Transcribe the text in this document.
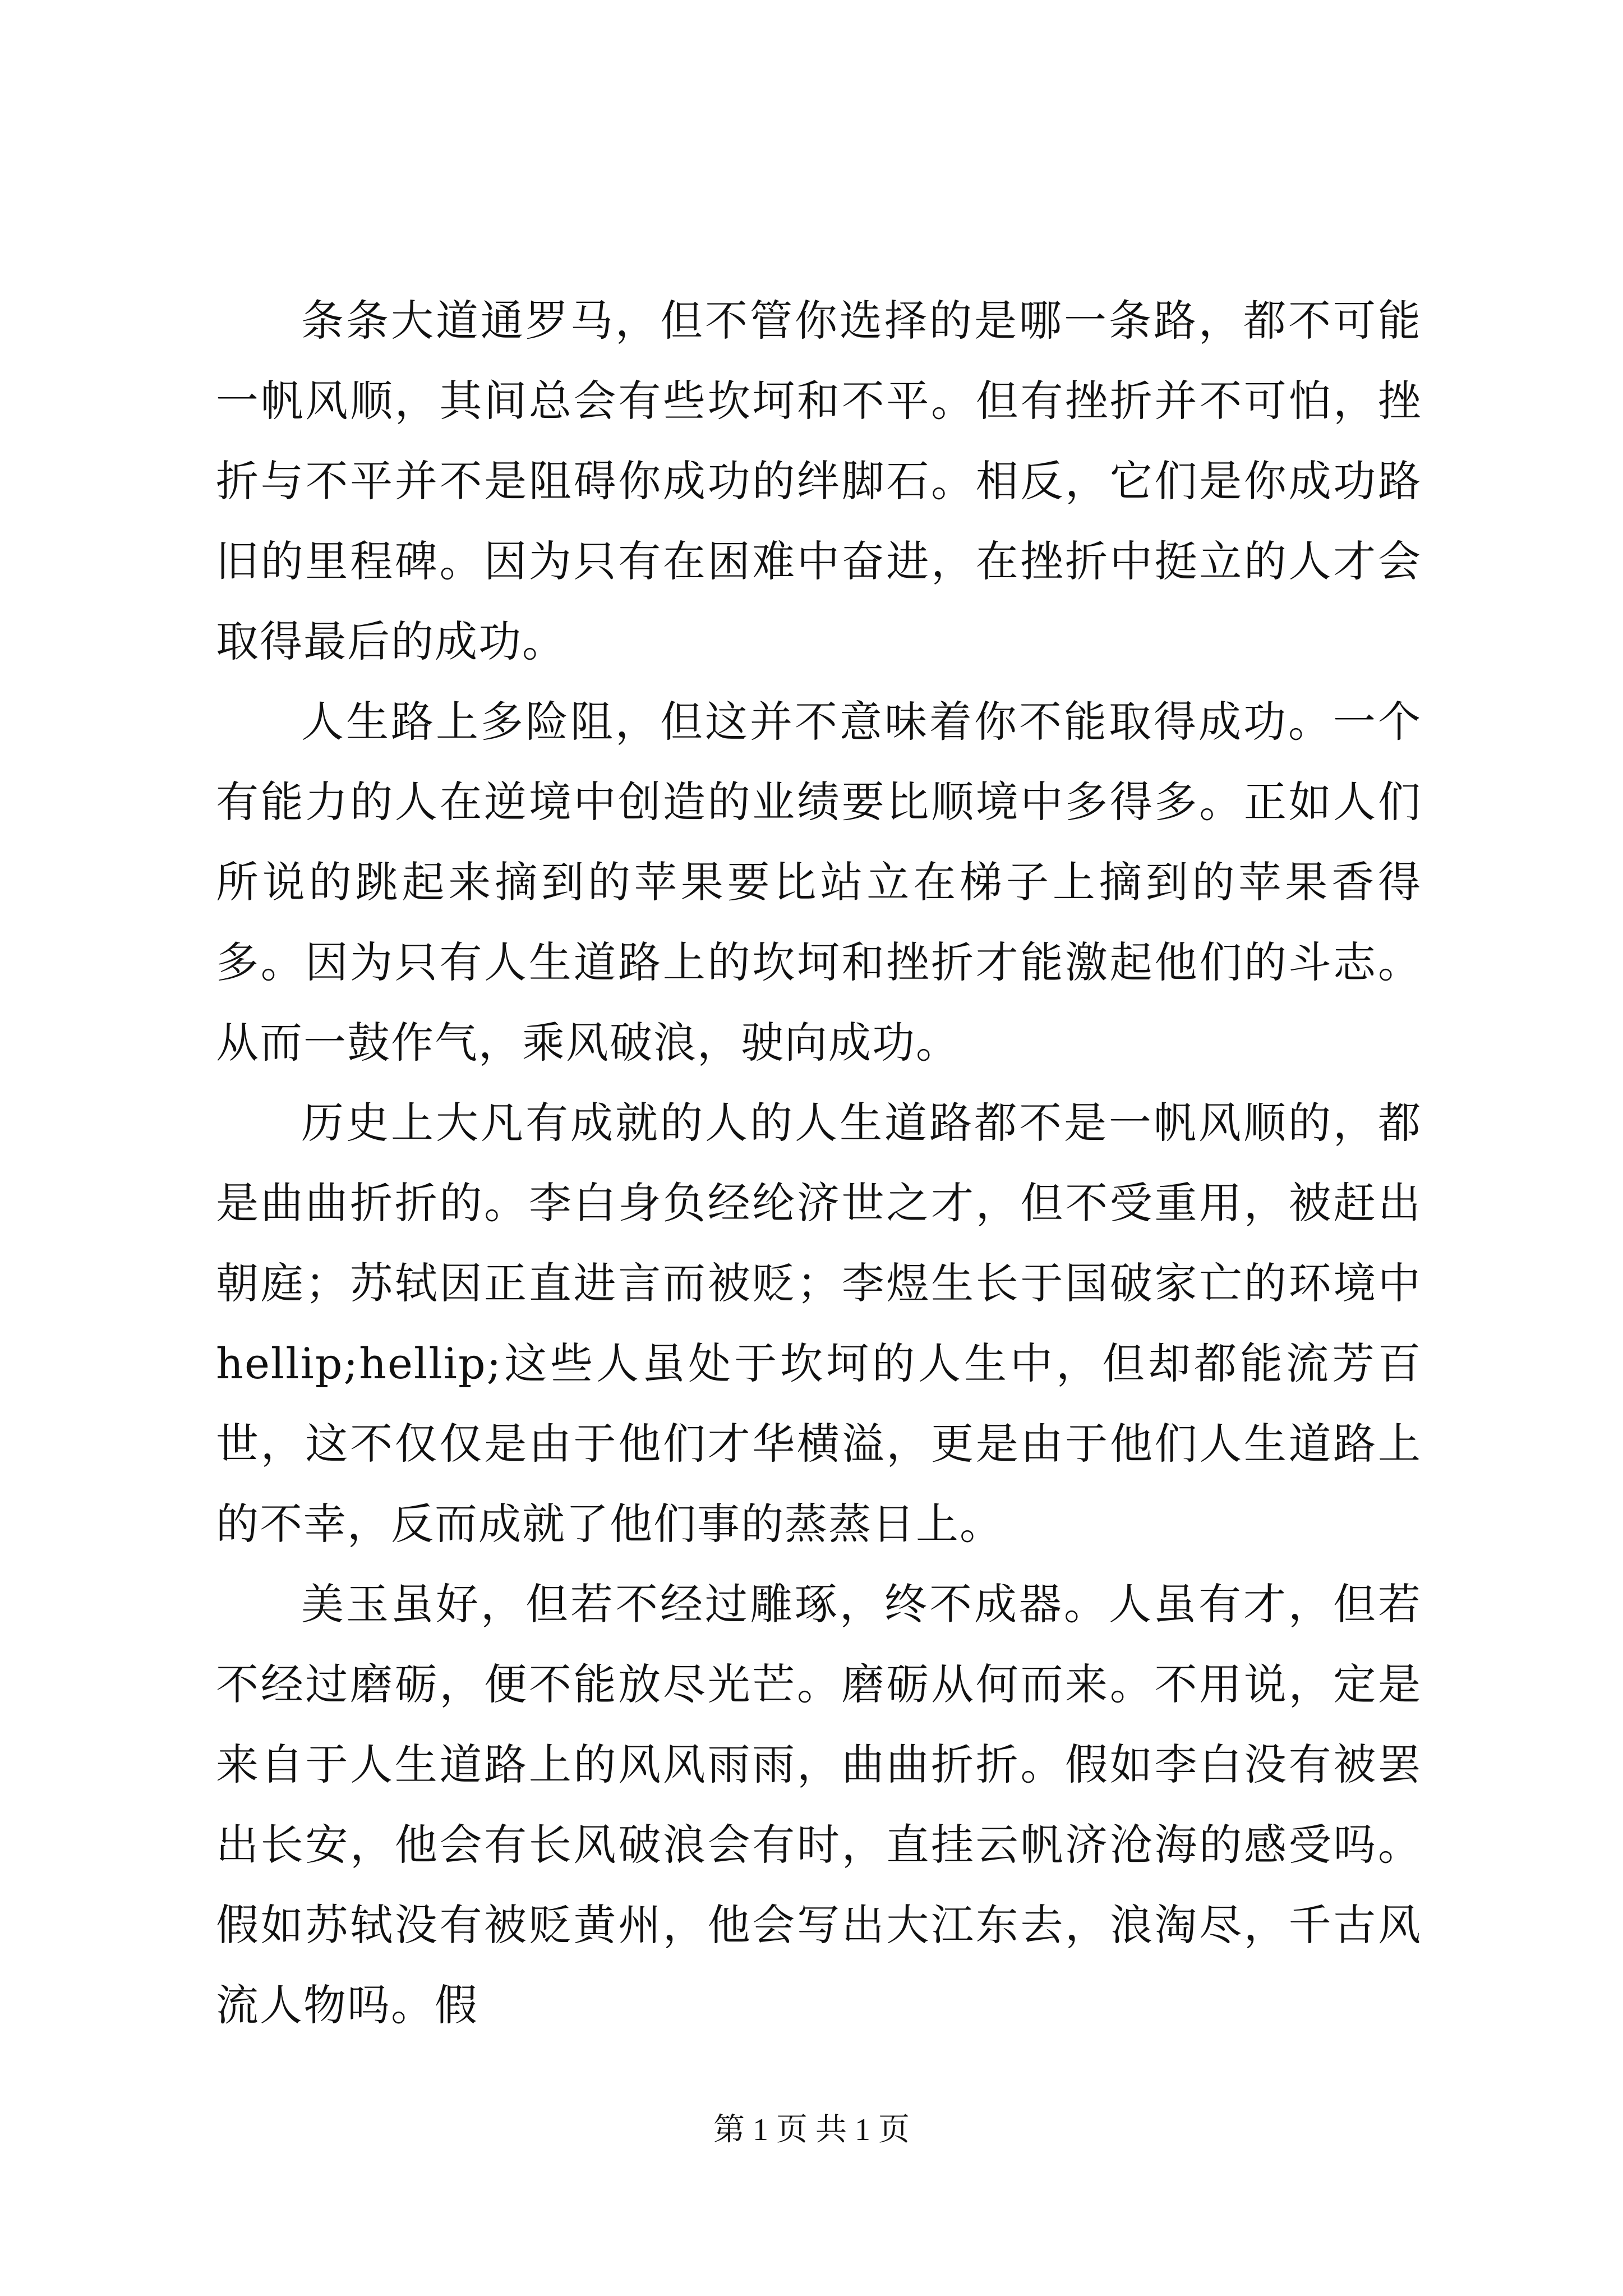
条条大道通罗马，但不管你选择的是哪一条路，都不可能一帆风顺，其间总会有些坎坷和不平。但有挫折并不可怕，挫折与不平并不是阻碍你成功的绊脚石。相反，它们是你成功路旧的里程碑。因为只有在困难中奋进，在挫折中挺立的人才会取得最后的成功。

人生路上多险阻，但这并不意味着你不能取得成功。一个有能力的人在逆境中创造的业绩要比顺境中多得多。正如人们所说的跳起来摘到的苹果要比站立在梯子上摘到的苹果香得多。因为只有人生道路上的坎坷和挫折才能激起他们的斗志。从而一鼓作气，乘风破浪，驶向成功。

历史上大凡有成就的人的人生道路都不是一帆风顺的，都是曲曲折折的。李白身负经纶济世之才，但不受重用，被赶出朝庭；苏轼因正直进言而被贬；李煜生长于国破家亡的环境中hellip;hellip;这些人虽处于坎坷的人生中，但却都能流芳百世，这不仅仅是由于他们才华横溢，更是由于他们人生道路上的不幸，反而成就了他们事的蒸蒸日上。

美玉虽好，但若不经过雕琢，终不成器。人虽有才，但若不经过磨砺，便不能放尽光芒。磨砺从何而来。不用说，定是来自于人生道路上的风风雨雨，曲曲折折。假如李白没有被罢出长安，他会有长风破浪会有时，直挂云帆济沧海的感受吗。假如苏轼没有被贬黄州，他会写出大江东去，浪淘尽，千古风流人物吗。假

第 1 页 共 1 页
